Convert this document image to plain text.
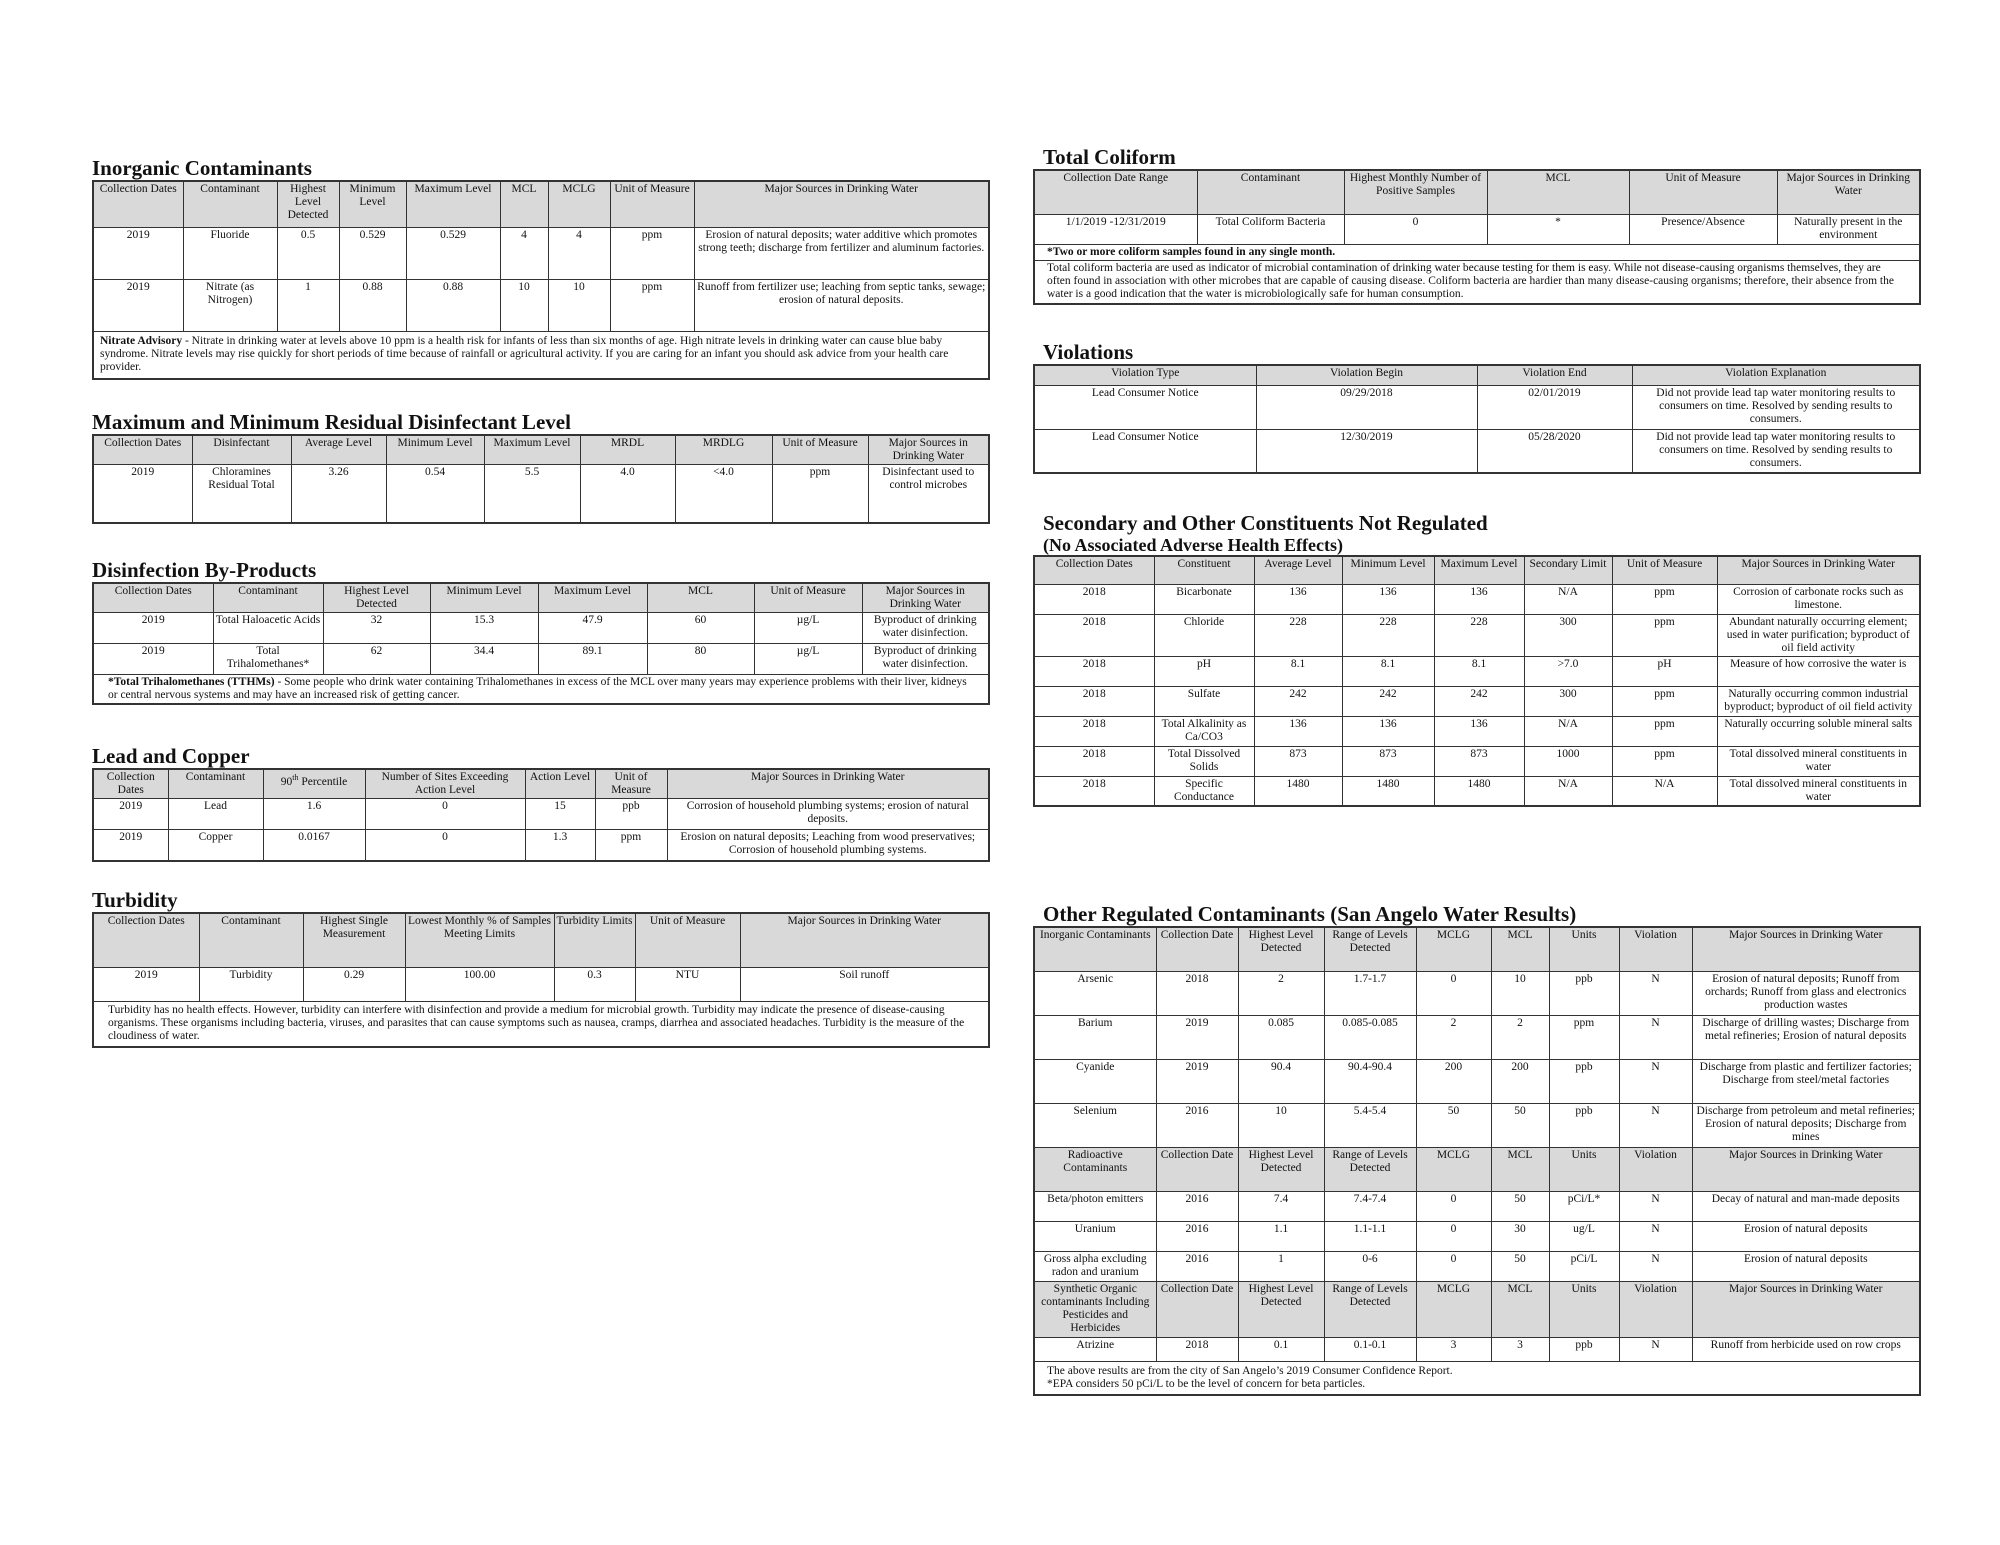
Inorganic Contaminants
Collection Dates	Contaminant	Highest Level Detected	Minimum Level	Maximum Level	MCL	MCLG	Unit of Measure	Major Sources in Drinking Water
2019	Fluoride	0.5	0.529	0.529	4	4	ppm	Erosion of natural deposits; water additive which promotes strong teeth; discharge from fertilizer and aluminum factories.
2019	Nitrate (as Nitrogen)	1	0.88	0.88	10	10	ppm	Runoff from fertilizer use; leaching from septic tanks, sewage; erosion of natural deposits.
Nitrate Advisory - Nitrate in drinking water at levels above 10 ppm is a health risk for infants of less than six months of age. High nitrate levels in drinking water can cause blue baby syndrome. Nitrate levels may rise quickly for short periods of time because of rainfall or agricultural activity. If you are caring for an infant you should ask advice from your health care provider.								
Maximum and Minimum Residual Disinfectant Level
Collection Dates	Disinfectant	Average Level	Minimum Level	Maximum Level	MRDL	MRDLG	Unit of Measure	Major Sources in Drinking Water
2019	Chloramines Residual Total	3.26	0.54	5.5	4.0	<4.0	ppm	Disinfectant used to control microbes
Disinfection By-Products
Collection Dates	Contaminant	Highest Level Detected	Minimum Level	Maximum Level	MCL	Unit of Measure	Major Sources in Drinking Water
2019	Total Haloacetic Acids	32	15.3	47.9	60	µg/L	Byproduct of drinking water disinfection.
2019	Total Trihalomethanes*	62	34.4	89.1	80	µg/L	Byproduct of drinking water disinfection.
*Total Trihalomethanes (TTHMs) - Some people who drink water containing Trihalomethanes in excess of the MCL over many years may experience problems with their liver, kidneys or central nervous systems and may have an increased risk of getting cancer.							
Lead and Copper
Collection Dates	Contaminant	90th Percentile	Number of Sites Exceeding Action Level	Action Level	Unit of Measure	Major Sources in Drinking Water
2019	Lead	1.6	0	15	ppb	Corrosion of household plumbing systems; erosion of natural deposits.
2019	Copper	0.0167	0	1.3	ppm	Erosion on natural deposits; Leaching from wood preservatives; Corrosion of household plumbing systems.
Turbidity
Collection Dates	Contaminant	Highest Single Measurement	Lowest Monthly % of Samples Meeting Limits	Turbidity Limits	Unit of Measure	Major Sources in Drinking Water
2019	Turbidity	0.29	100.00	0.3	NTU	Soil runoff
Turbidity has no health effects. However, turbidity can interfere with disinfection and provide a medium for microbial growth. Turbidity may indicate the presence of disease-causing organisms. These organisms including bacteria, viruses, and parasites that can cause symptoms such as nausea, cramps, diarrhea and associated headaches. Turbidity is the measure of the cloudiness of water.						
Total Coliform
Collection Date Range	Contaminant	Highest Monthly Number of Positive Samples	MCL	Unit of Measure	Major Sources in Drinking Water
1/1/2019 -12/31/2019	Total Coliform Bacteria	0	*	Presence/Absence	Naturally present in the environment
*Two or more coliform samples found in any single month.					
Total coliform bacteria are used as indicator of microbial contamination of drinking water because testing for them is easy. While not disease-causing organisms themselves, they are often found in association with other microbes that are capable of causing disease. Coliform bacteria are hardier than many disease-causing organisms; therefore, their absence from the water is a good indication that the water is microbiologically safe for human consumption.					
Violations
Violation Type	Violation Begin	Violation End	Violation Explanation
Lead Consumer Notice	09/29/2018	02/01/2019	Did not provide lead tap water monitoring results to consumers on time. Resolved by sending results to consumers.
Lead Consumer Notice	12/30/2019	05/28/2020	Did not provide lead tap water monitoring results to consumers on time. Resolved by sending results to consumers.
Secondary and Other Constituents Not Regulated
(No Associated Adverse Health Effects)
Collection Dates	Constituent	Average Level	Minimum Level	Maximum Level	Secondary Limit	Unit of Measure	Major Sources in Drinking Water
2018	Bicarbonate	136	136	136	N/A	ppm	Corrosion of carbonate rocks such as limestone.
2018	Chloride	228	228	228	300	ppm	Abundant naturally occurring element; used in water purification; byproduct of oil field activity
2018	pH	8.1	8.1	8.1	>7.0	pH	Measure of how corrosive the water is
2018	Sulfate	242	242	242	300	ppm	Naturally occurring common industrial byproduct; byproduct of oil field activity
2018	Total Alkalinity as Ca/CO3	136	136	136	N/A	ppm	Naturally occurring soluble mineral salts
2018	Total Dissolved Solids	873	873	873	1000	ppm	Total dissolved mineral constituents in water
2018	Specific Conductance	1480	1480	1480	N/A	N/A	Total dissolved mineral constituents in water
Other Regulated Contaminants (San Angelo Water Results)
Inorganic Contaminants	Collection Date	Highest Level Detected	Range of Levels Detected	MCLG	MCL	Units	Violation	Major Sources in Drinking Water
Arsenic	2018	2	1.7-1.7	0	10	ppb	N	Erosion of natural deposits; Runoff from orchards; Runoff from glass and electronics production wastes
Barium	2019	0.085	0.085-0.085	2	2	ppm	N	Discharge of drilling wastes; Discharge from metal refineries; Erosion of natural deposits
Cyanide	2019	90.4	90.4-90.4	200	200	ppb	N	Discharge from plastic and fertilizer factories; Discharge from steel/metal factories
Selenium	2016	10	5.4-5.4	50	50	ppb	N	Discharge from petroleum and metal refineries; Erosion of natural deposits; Discharge from mines
Radioactive Contaminants	Collection Date	Highest Level Detected	Range of Levels Detected	MCLG	MCL	Units	Violation	Major Sources in Drinking Water
Beta/photon emitters	2016	7.4	7.4-7.4	0	50	pCi/L*	N	Decay of natural and man-made deposits
Uranium	2016	1.1	1.1-1.1	0	30	ug/L	N	Erosion of natural deposits
Gross alpha excluding radon and uranium	2016	1	0-6	0	50	pCi/L	N	Erosion of natural deposits
Synthetic Organic contaminants Including Pesticides and Herbicides	Collection Date	Highest Level Detected	Range of Levels Detected	MCLG	MCL	Units	Violation	Major Sources in Drinking Water
Atrizine	2018	0.1	0.1-0.1	3	3	ppb	N	Runoff from herbicide used on row crops

The above results are from the city of San Angelo’s 2019 Consumer Confidence Report.
*EPA considers 50 pCi/L to be the level of concern for beta particles.								
